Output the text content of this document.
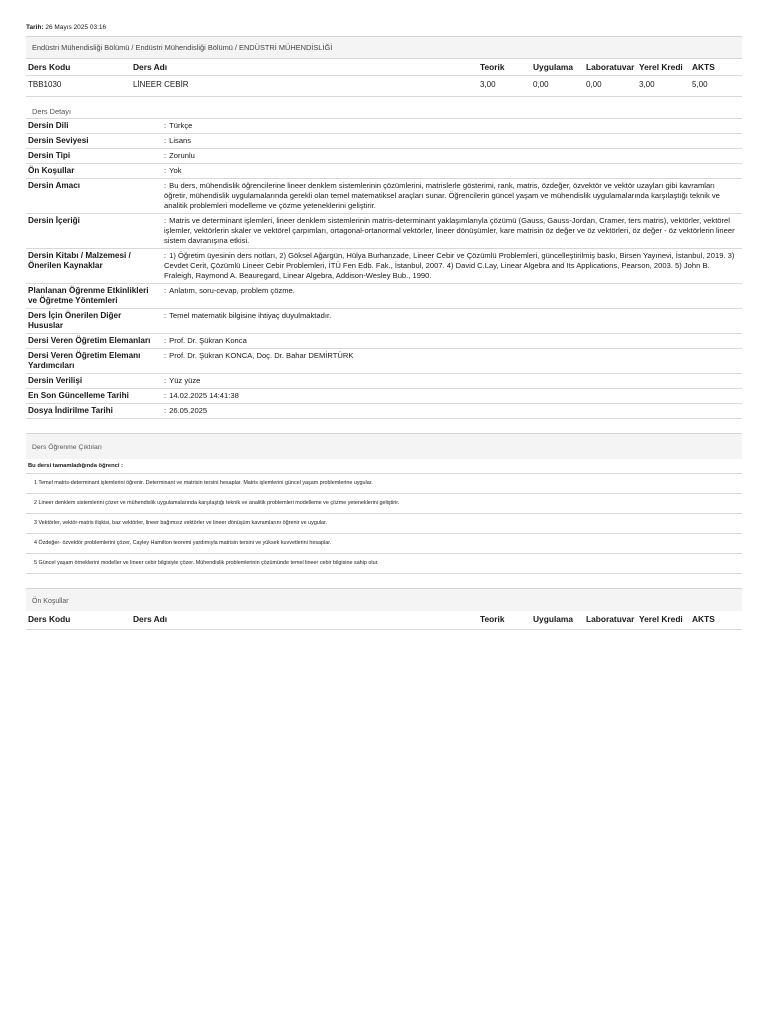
Tarih: 26 Mayıs 2025 03:16
Endüstri Mühendisliği Bölümü / Endüstri Mühendisliği Bölümü / ENDÜSTRİ MÜHENDİSLİĞİ
Ders Kodu	Ders Adı	Teorik	Uygulama	Laboratuvar	Yerel Kredi	AKTS
TBB1030	LİNEER CEBİR	3,00	0,00	0,00	3,00	5,00
Ders Detayı
Dersin Dili	: Türkçe
Dersin Seviyesi	: Lisans
Dersin Tipi	: Zorunlu
Ön Koşullar	: Yok
Dersin Amacı	: Bu ders, mühendislik öğrencilerine lineer denklem sistemlerinin çözümlerini, matrislerle gösterimi, rank, matris, özdeğer, özvektör ve vektör uzayları gibi kavramları öğretir, mühendislik uygulamalarında gerekli olan temel matematiksel araçları sunar. Öğrencilerin güncel yaşam ve mühendislik uygulamalarında karşılaştığı teknik ve analitik problemleri modelleme ve çözme yeteneklerini geliştirir.
Dersin İçeriği	: Matris ve determinant işlemleri, lineer denklem sistemlerinin matris-determinant yaklaşımlarıyla çözümü (Gauss, Gauss-Jordan, Cramer, ters matris), vektörler, vektörel işlemler, vektörlerin skaler ve vektörel çarpımları, ortagonal-ortanormal vektörler, lineer dönüşümler, kare matrisin öz değer ve öz vektörleri, öz değer - öz vektörlerin lineer sistem davranışına etkisi.
Dersin Kitabı / Malzemesi / Önerilen Kaynaklar	: 1) Öğretim üyesinin ders notları, 2) Göksel Ağargün, Hülya Burhanzade, Lineer Cebir ve Çözümlü Problemleri, güncelleştirilmiş baskı, Birsen Yayınevi, İstanbul, 2019. 3) Cevdet Cerit, Çözümlü Lineer Cebir Problemleri, İTÜ Fen Edb. Fak., İstanbul, 2007. 4) David C.Lay, Linear Algebra and Its Applications, Pearson, 2003. 5) John B. Fraleigh, Raymond A. Beauregard, Linear Algebra, Addison-Wesley Bub., 1990.
Planlanan Öğrenme Etkinlikleri ve Öğretme Yöntemleri	: Anlatım, soru-cevap, problem çözme.
Ders İçin Önerilen Diğer Hususlar	: Temel matematik bilgisine ihtiyaç duyulmaktadır.
Dersi Veren Öğretim Elemanları	: Prof. Dr. Şükran Konca
Dersi Veren Öğretim Elemanı Yardımcıları	: Prof. Dr. Şükran KONCA, Doç. Dr. Bahar DEMİRTÜRK
Dersin Verilişi	: Yüz yüze
En Son Güncelleme Tarihi	: 14.02.2025 14:41:38
Dosya İndirilme Tarihi	: 26.05.2025
Ders Öğrenme Çıktıları
Bu dersi tamamladığında öğrenci :
1 Temel matris-determinant işlemlerini öğrenir. Determinant ve matrisin tersini hesaplar. Matris işlemlerini güncel yaşam problemlerine uygular.
2 Lineer denklem sistemlerini çözer ve mühendislik uygulamalarında karşılaştığı teknik ve analitik problemleri modelleme ve çözme yeteneklerini geliştirir.
3 Vektörler, vektör-matris ilişkisi, baz vektörler, lineer bağımsız vektörler ve lineer dönüşüm kavramlarını öğrenir ve uygular.
4 Özdeğer- özvektör problemlerini çözer, Cayley Hamilton teoremi yardımıyla matrisin tersini ve yüksek kuvvetlerini hesaplar.
5 Güncel yaşam örneklerini modeller ve lineer cebir bilgisiyle çözer. Mühendislik problemlerinin çözümünde temel lineer cebir bilgisine sahip olur.
Ön Koşullar
Ders Kodu	Ders Adı	Teorik	Uygulama	Laboratuvar	Yerel Kredi	AKTS
